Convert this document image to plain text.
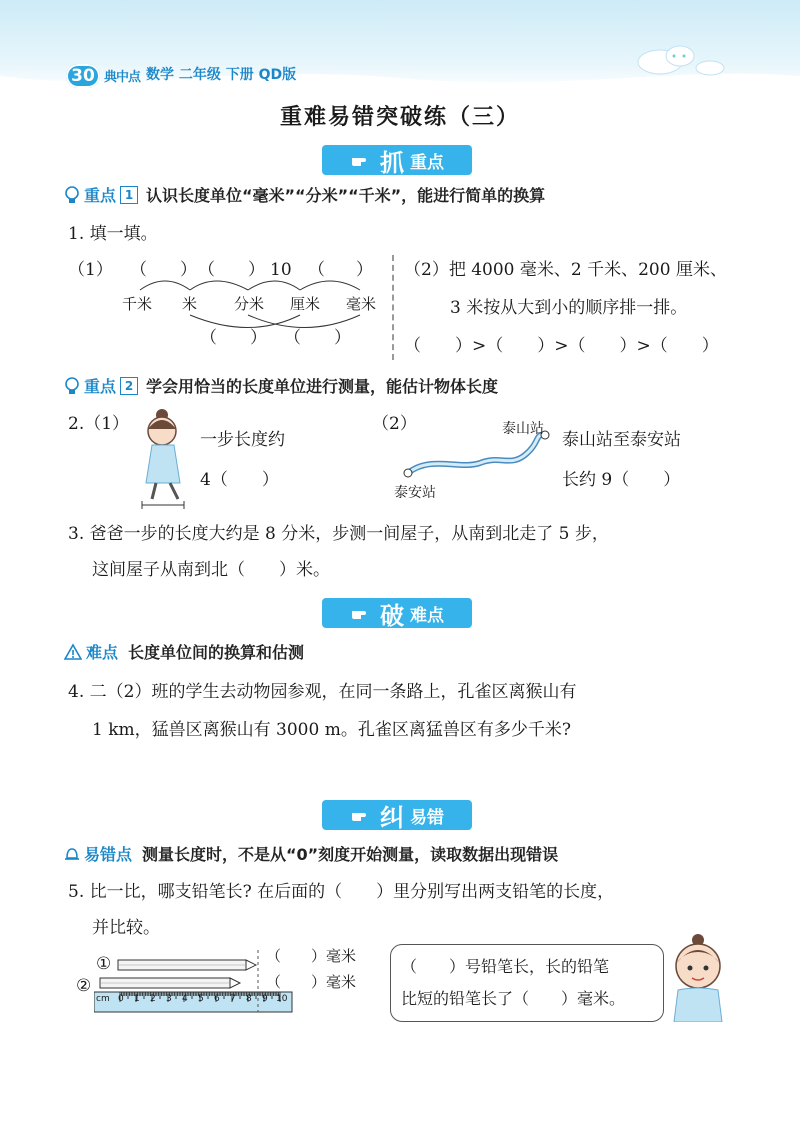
30 典中点 数学 二年级 下册 QD版
重难易错突破练（三）
抓 重点
重点 1 认识长度单位“毫米”“分米”“千米”，能进行简单的换算
1. 填一填。
（1） （ ） （ ） 10 （ ）
千米 米 分米 厘米 毫米
（ ） （ ）
（2）把 4000 毫米、2 千米、200 厘米、
3 米按从大到小的顺序排一排。
（　　）>（　　）>（　　）>（　　）
重点 2 学会用恰当的长度单位进行测量，能估计物体长度
2.（1）
一步长度约
4（　　）
（2）	泰山站
泰安站
泰山站至泰安站
长约 9（　　）
3. 爸爸一步的长度大约是 8 分米，步测一间屋子，从南到北走了 5 步，
这间屋子从南到北（　　）米。
破 难点
难点 长度单位间的换算和估测
4. 二（2）班的学生去动物园参观，在同一条路上，孔雀区离猴山有
1 km，猛兽区离猴山有 3000 m。孔雀区离猛兽区有多少千米?
纠 易错
易错点 测量长度时，不是从“0”刻度开始测量，读取数据出现错误
5. 比一比，哪支铅笔长? 在后面的（　　）里分别写出两支铅笔的长度，
并比较。
①
②
cm 0 1 2 3 4 5 6 7 8 9 10
（　　）毫米
（　　）毫米
（　　）号铅笔长，长的铅笔
比短的铅笔长了（　　）毫米。
